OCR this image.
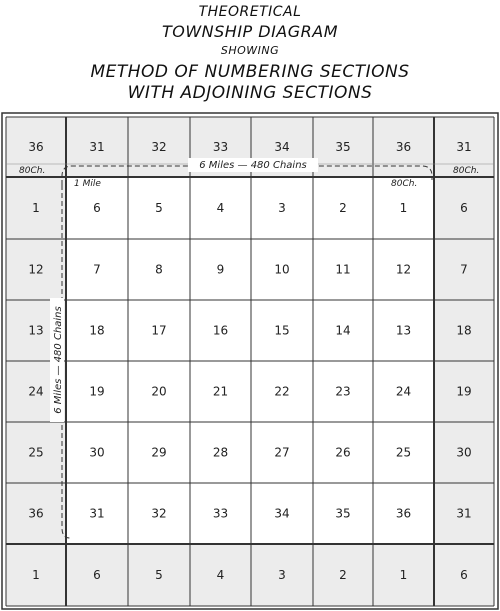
THEORETICAL
TOWNSHIP DIAGRAM
SHOWING
METHOD OF NUMBERING SECTIONS
WITH ADJOINING SECTIONS
36	31	32	33	34	35	36	31
1	6	5	4	3	2	1	6
12	7	8	9	10	11	12	7
13	18	17	16	15	14	13	18
24	19	20	21	22	23	24	19
25	30	29	28	27	26	25	30
36	31	32	33	34	35	36	31
1	6	5	4	3	2	1	6
6 Miles — 480 Chains
6 Miles — 480 Chains
1 Mile	80Ch.
80Ch.	80Ch.
